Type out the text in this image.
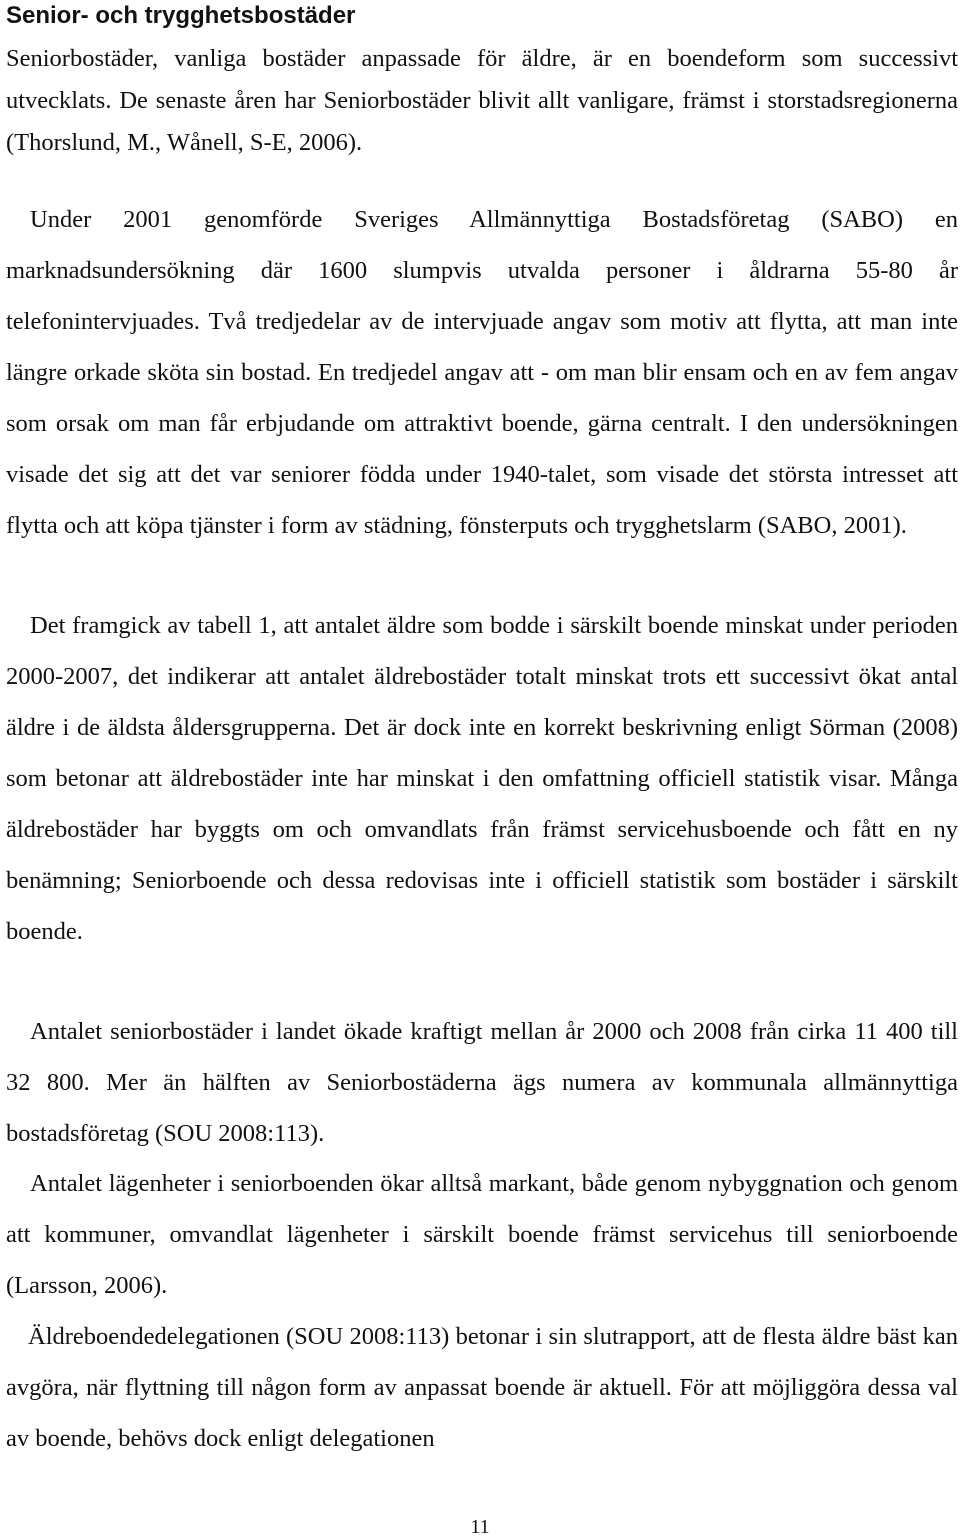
Senior- och trygghetsbostäder

Seniorbostäder, vanliga bostäder anpassade för äldre, är en boendeform som successivt utvecklats. De senaste åren har Seniorbostäder blivit allt vanligare, främst i storstadsregionerna (Thorslund, M., Wånell, S-E, 2006).

Under 2001 genomförde Sveriges Allmännyttiga Bostadsföretag (SABO) en marknadsundersökning där 1600 slumpvis utvalda personer i åldrarna 55-80 år telefonintervjuades. Två tredjedelar av de intervjuade angav som motiv att flytta, att man inte längre orkade sköta sin bostad. En tredjedel angav att - om man blir ensam och en av fem angav som orsak om man får erbjudande om attraktivt boende, gärna centralt. I den undersökningen visade det sig att det var seniorer födda under 1940-talet, som visade det största intresset att flytta och att köpa tjänster i form av städning, fönsterputs och trygghetslarm (SABO, 2001).

Det framgick av tabell 1, att antalet äldre som bodde i särskilt boende minskat under perioden 2000-2007, det indikerar att antalet äldrebostäder totalt minskat trots ett successivt ökat antal äldre i de äldsta åldersgrupperna. Det är dock inte en korrekt beskrivning enligt Sörman (2008) som betonar att äldrebostäder inte har minskat i den omfattning officiell statistik visar. Många äldrebostäder har byggts om och omvandlats från främst servicehusboende och fått en ny benämning; Seniorboende och dessa redovisas inte i officiell statistik som bostäder i särskilt boende.

Antalet seniorbostäder i landet ökade kraftigt mellan år 2000 och 2008 från cirka 11 400 till 32 800. Mer än hälften av Seniorbostäderna ägs numera av kommunala allmännyttiga bostadsföretag (SOU 2008:113).

Antalet lägenheter i seniorboenden ökar alltså markant, både genom nybyggnation och genom att kommuner, omvandlat lägenheter i särskilt boende främst servicehus till seniorboende (Larsson, 2006).

Äldreboendedelegationen (SOU 2008:113) betonar i sin slutrapport, att de flesta äldre bäst kan avgöra, när flyttning till någon form av anpassat boende är aktuell. För att möjliggöra dessa val av boende, behövs dock enligt delegationen

11
